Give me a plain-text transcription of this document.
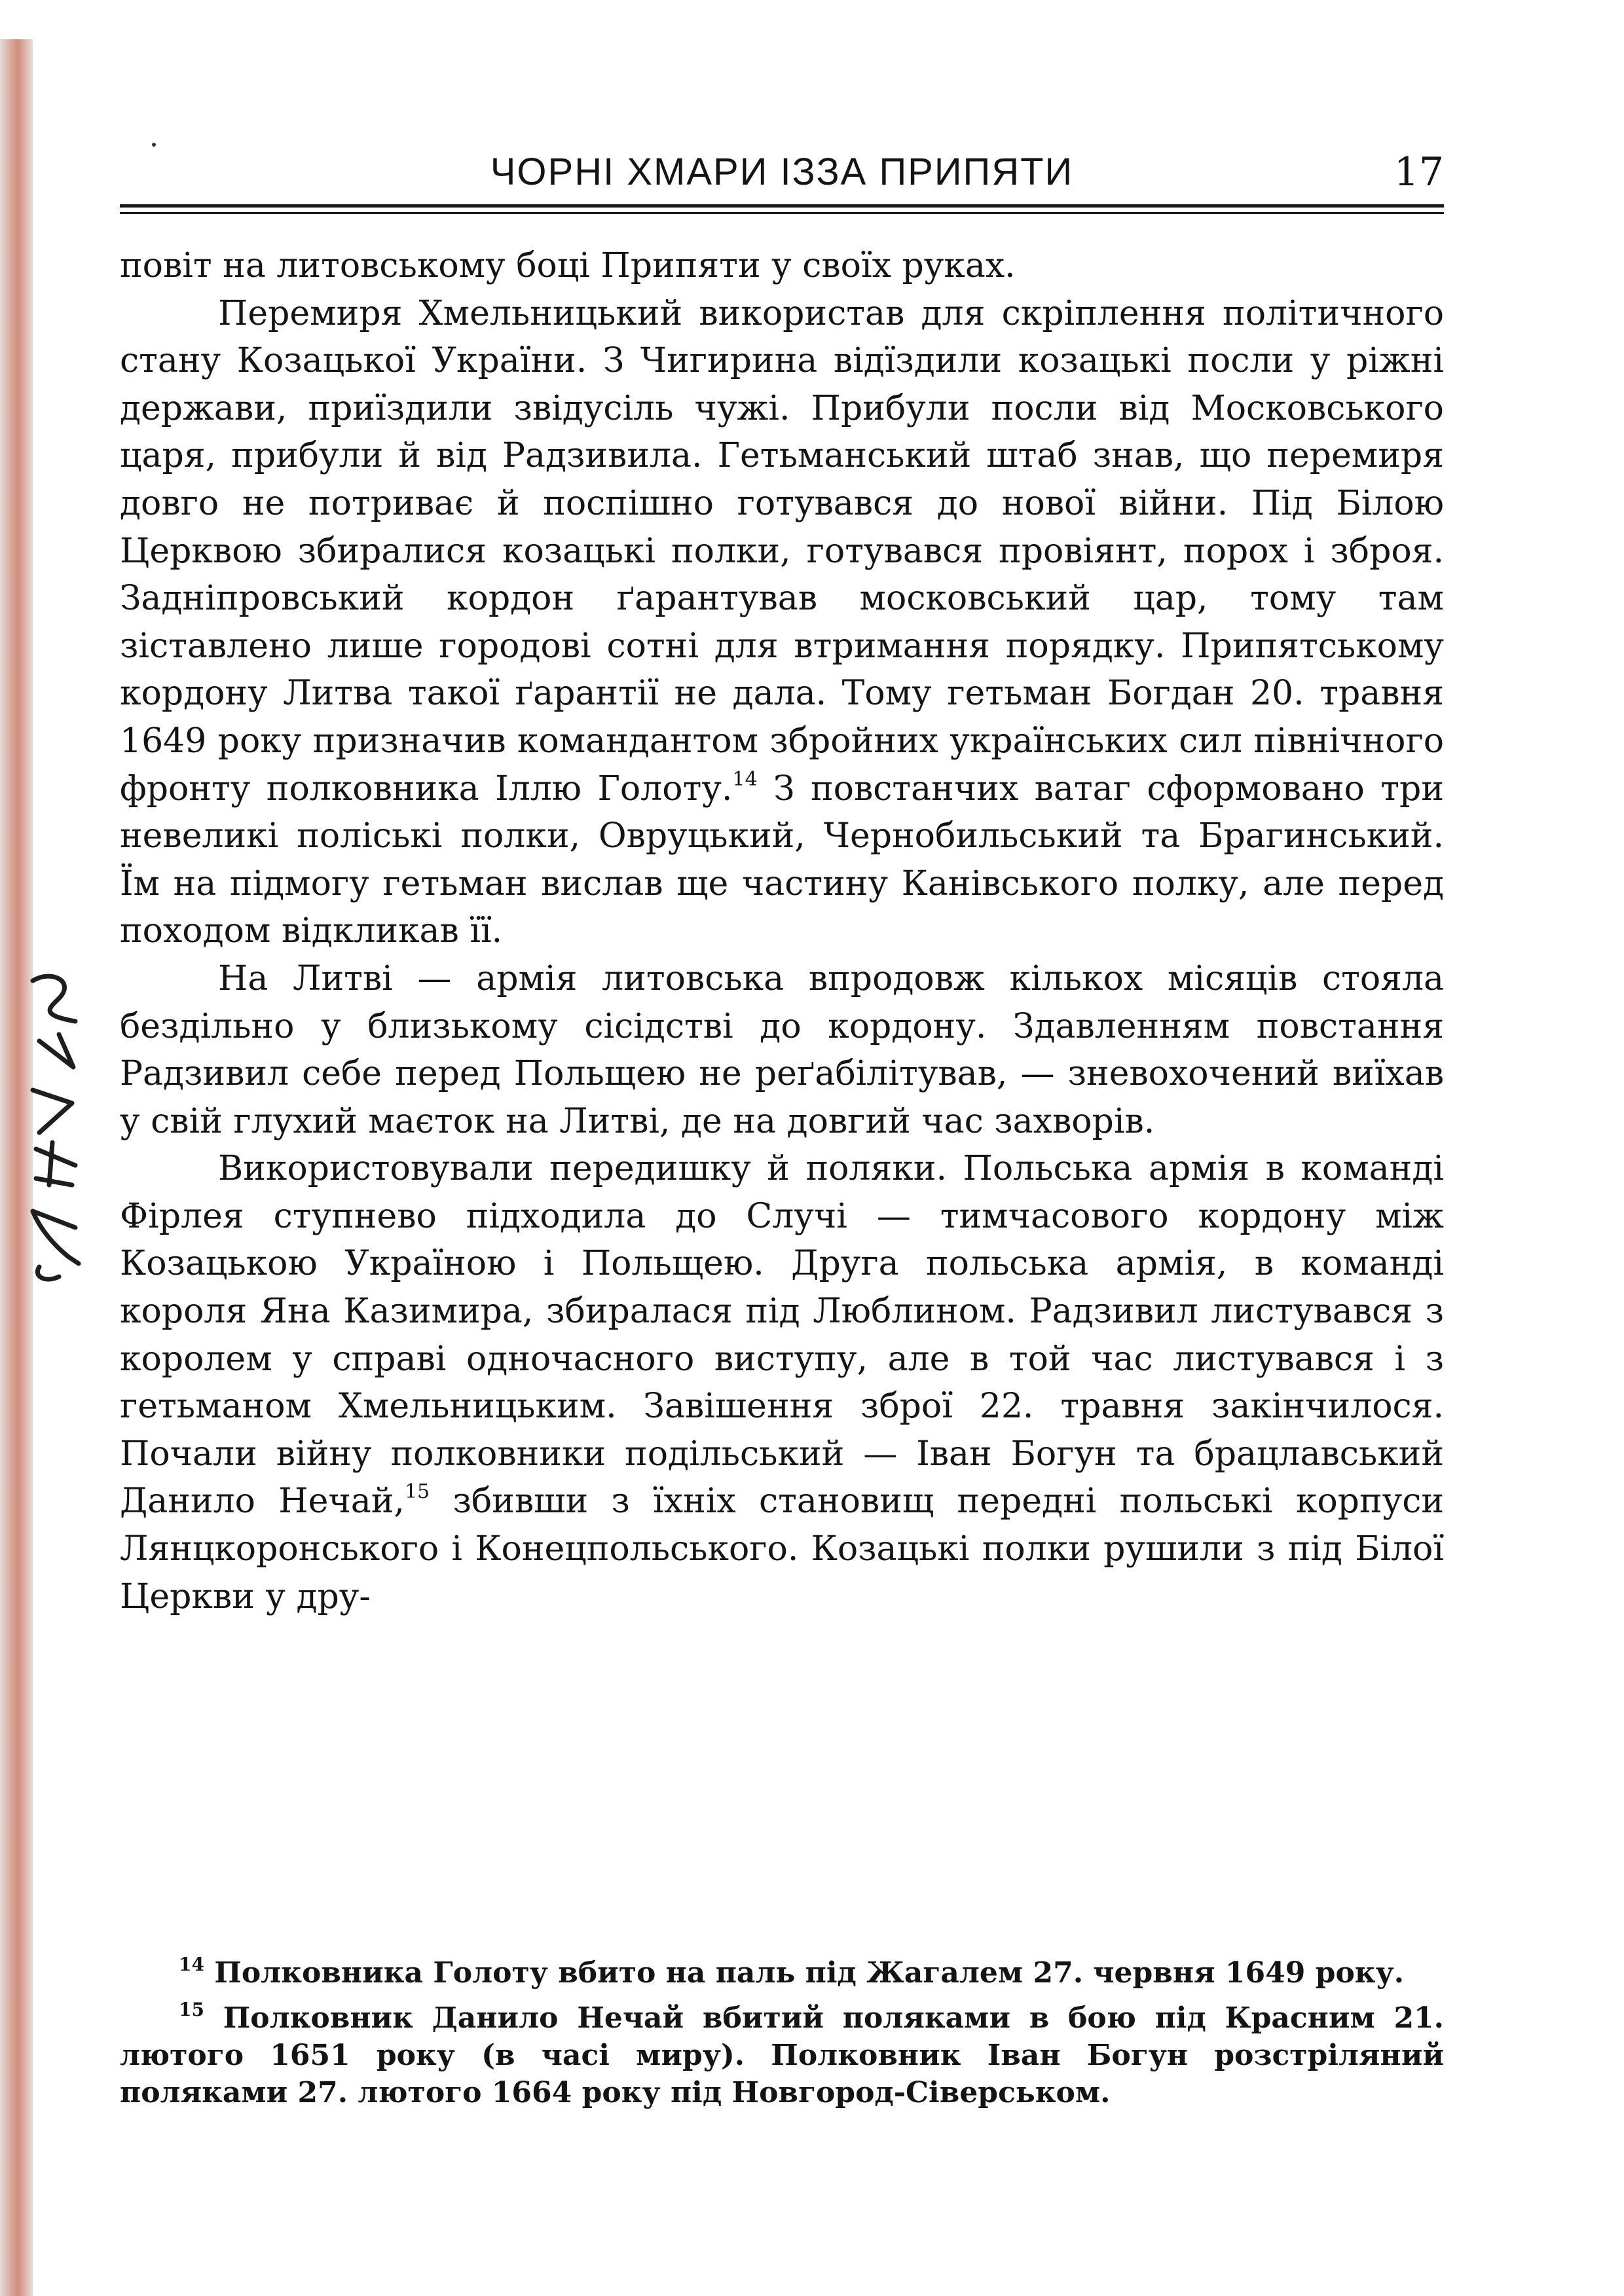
ЧОРНІ ХМАРИ ІЗЗА ПРИПЯТИ	17

повіт на литовському боці Припяти у своїх руках.

Перемиря Хмельницький використав для скріплення політичного стану Козацької України. З Чигирина відїздили козацькі посли у ріжні держави, приїздили звідусіль чужі. Прибули посли від Московського царя, прибули й від Радзивила. Гетьманський штаб знав, що перемиря довго не потриває й поспішно готувався до нової війни. Під Білою Церквою збиралися козацькі полки, готувався провіянт, порох і зброя. Задніпровський кордон ґарантував московський цар, тому там зіставлено лише городові сотні для втримання порядку. Припятському кордону Литва такої ґарантії не дала. Тому гетьман Богдан 20. травня 1649 року призначив командантом збройних українських сил північного фронту полковника Іллю Голоту.$^{14}$ З повстанчих ватаг сформовано три невеликі поліські полки, Овруцький, Чернобильський та Брагинський. Їм на підмогу гетьман вислав ще частину Канівського полку, але перед походом відкликав її.

На Литві — армія литовська впродовж кількох місяців стояла бездільно у близькому сісідстві до кордону. Здавленням повстання Радзивил себе перед Польщею не реґабілітував, — зневохочений виїхав у свій глухий маєток на Литві, де на довгий час захворів.

Використовували передишку й поляки. Польська армія в команді Фірлея ступнево підходила до Случі — тимчасового кордону між Козацькою Україною і Польщею. Друга польська армія, в команді короля Яна Казимира, збиралася під Люблином. Радзивил листувався з королем у справі одночасного виступу, але в той час листувався і з гетьманом Хмельницьким. Завішення зброї 22. травня закінчилося. Почали війну полковники подільський — Іван Богун та брацлавський Данило Нечай,$^{15}$ збивши з їхніх становищ передні польські корпуси Лянцкоронського і Конецпольського. Козацькі полки рушили з під Білої Церкви у дру-

$^{14}$ Полковника Голоту вбито на паль під Жагалем 27. червня 1649 року.

$^{15}$ Полковник Данило Нечай вбитий поляками в бою під Красним 21. лютого 1651 року (в часі миру). Полковник Іван Богун розстріляний поляками 27. лютого 1664 року під Новгород-Сіверськом.
